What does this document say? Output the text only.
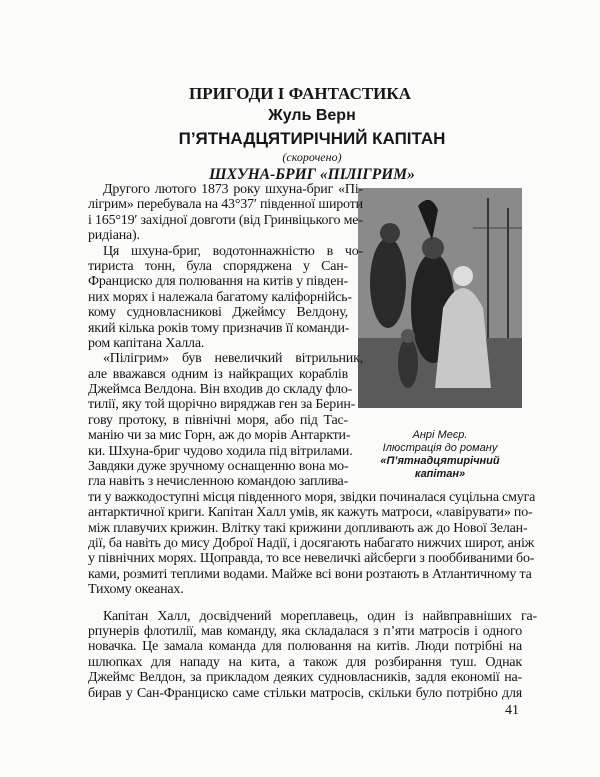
ПРИГОДИ І ФАНТАСТИКА
Жуль Верн
П’ЯТНАДЦЯТИРІЧНИЙ КАПІТАН
(скорочено)
ШХУНА-БРИГ «ПІЛІГРИМ»
Анрі Меєр.
Ілюстрація до роману
«П’ятнадцятирічний
капітан»
Другого лютого 1873 року шхуна-бриг «Пі-
лігрим» перебувала на 43°37′ південної широти
і 165°19′ західної довготи (від Гринвіцького ме-
ридіана).
Ця шхуна-бриг, водотоннажністю в чо-
тириста тонн, була споряджена у Сан-
Франциско для полювання на китів у півден-
них морях і належала багатому каліфорнійсь-
кому судновласникові Джеймсу Велдону,
який кілька років тому призначив її команди-
ром капітана Халла.
«Пілігрим» був невеличкий вітрильник,
але вважався одним із найкращих кораблів
Джеймса Велдона. Він входив до складу фло-
тилії, яку той щорічно виряджав ген за Берин-
гову протоку, в північні моря, або під Тас-
манію чи за мис Горн, аж до морів Антаркти-
ки. Шхуна-бриг чудово ходила під вітрилами.
Завдяки дуже зручному оснащенню вона мо-
гла навіть з нечисленною командою заплива-
ти у важкодоступні місця південного моря, звідки починалася суцільна смуга
антарктичної криги. Капітан Халл умів, як кажуть матроси, «лавірувати» по-
між плавучих крижин. Влітку такі крижини допливають аж до Нової Зелан-
дії, ба навіть до мису Доброї Надії, і досягають набагато нижчих широт, аніж
у північних морях. Щоправда, то все невеличкі айсберги з пооббиваними бо-
ками, розмиті теплими водами. Майже всі вони розтають в Атлантичному та
Тихому океанах.
Капітан Халл, досвідчений мореплавець, один із найвправніших га-
рпунерів флотилії, мав команду, яка складалася з п’яти матросів і одного
новачка. Це замала команда для полювання на китів. Люди потрібні на
шлюпках для нападу на кита, а також для розбирання туш. Однак
Джеймс Велдон, за прикладом деяких судновласників, задля економії на-
бирав у Сан-Франциско саме стільки матросів, скільки було потрібно для
41
